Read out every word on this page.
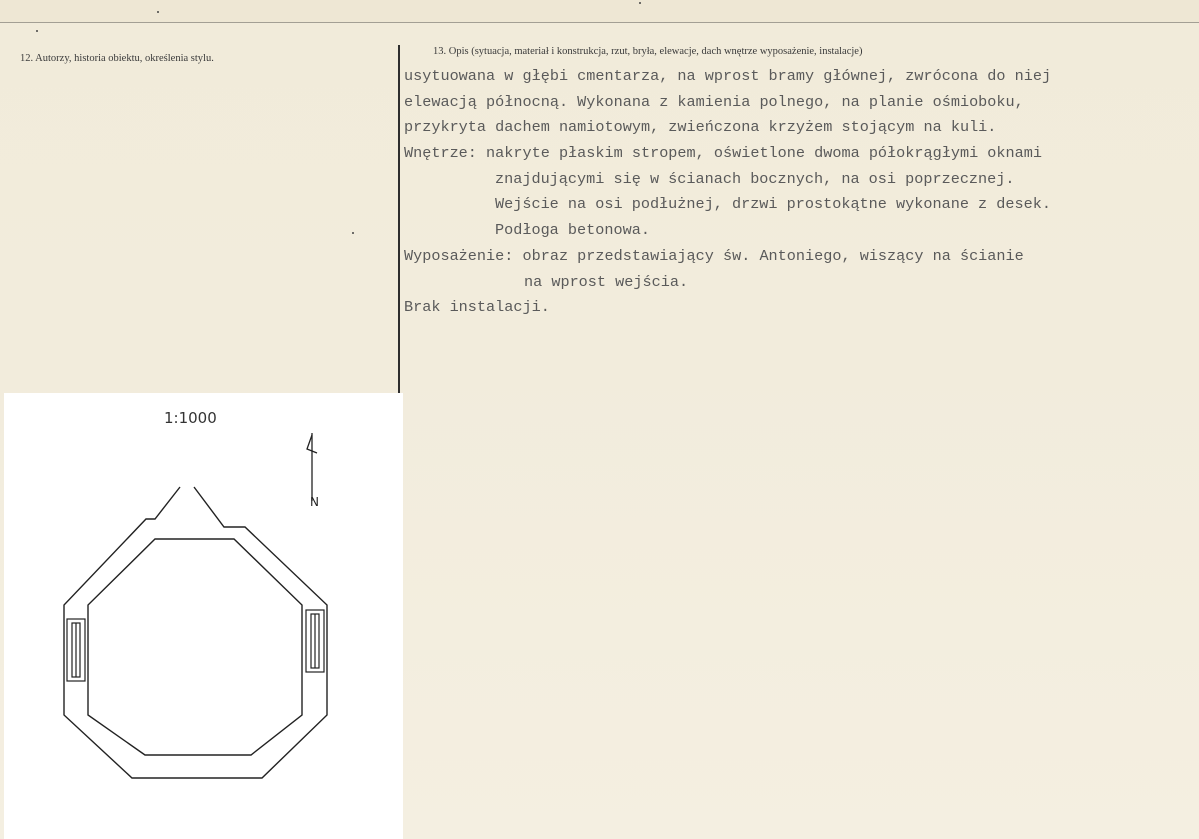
12. Autorzy, historia obiektu, określenia stylu.
13. Opis (sytuacja, materiał i konstrukcja, rzut, bryła, elewacje, dach wnętrze wyposażenie, instalacje)
usytuowana w głębi cmentarza, na wprost bramy głównej, zwrócona do niej
elewacją północną. Wykonana z kamienia polnego, na planie ośmioboku,
przykryta dachem namiotowym, zwieńczona krzyżem stojącym na kuli.
Wnętrze: nakryte płaskim stropem, oświetlone dwoma półokrągłymi oknami
znajdującymi się w ścianach bocznych, na osi poprzecznej.
Wejście na osi podłużnej, drzwi prostokątne wykonane z desek.
Podłoga betonowa.
Wyposażenie: obraz przedstawiający św. Antoniego, wiszący na ścianie
na wprost wejścia.
Brak instalacji.
1:1000
N
